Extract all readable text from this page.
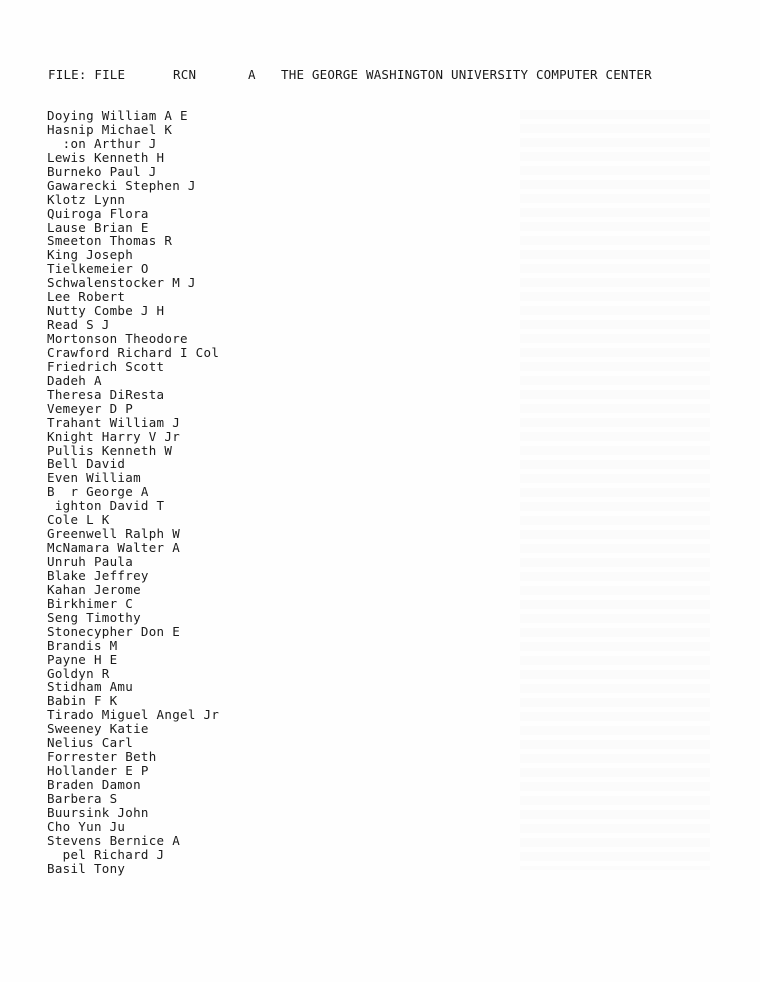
FILE: FILE

	RCN

	A

THE GEORGE WASHINGTON UNIVERSITY COMPUTER CENTER

Doying William A E
Hasnip Michael K
:on Arthur J
Lewis Kenneth H
Burneko Paul J
Gawarecki Stephen J
Klotz Lynn
Quiroga Flora
Lause Brian E
Smeeton Thomas R
King Joseph
Tielkemeier O
Schwalenstocker M J
Lee Robert
Nutty Combe J H
Read S J
Mortonson Theodore
Crawford Richard I Col
Friedrich Scott
Dadeh A
Theresa DiResta
Vemeyer D P
Trahant William J
Knight Harry V Jr
Pullis Kenneth W
Bell David
Even William
B  r George A
ighton David T
Cole L K
Greenwell Ralph W
McNamara Walter A
Unruh Paula
Blake Jeffrey
Kahan Jerome
Birkhimer C
Seng Timothy
Stonecypher Don E
Brandis M
Payne H E
Goldyn R
Stidham Amu
Babin F K
Tirado Miguel Angel Jr
Sweeney Katie
Nelius Carl
Forrester Beth
Hollander E P
Braden Damon
Barbera S
Buursink John
Cho Yun Ju
Stevens Bernice A
pel Richard J
Basil Tony
